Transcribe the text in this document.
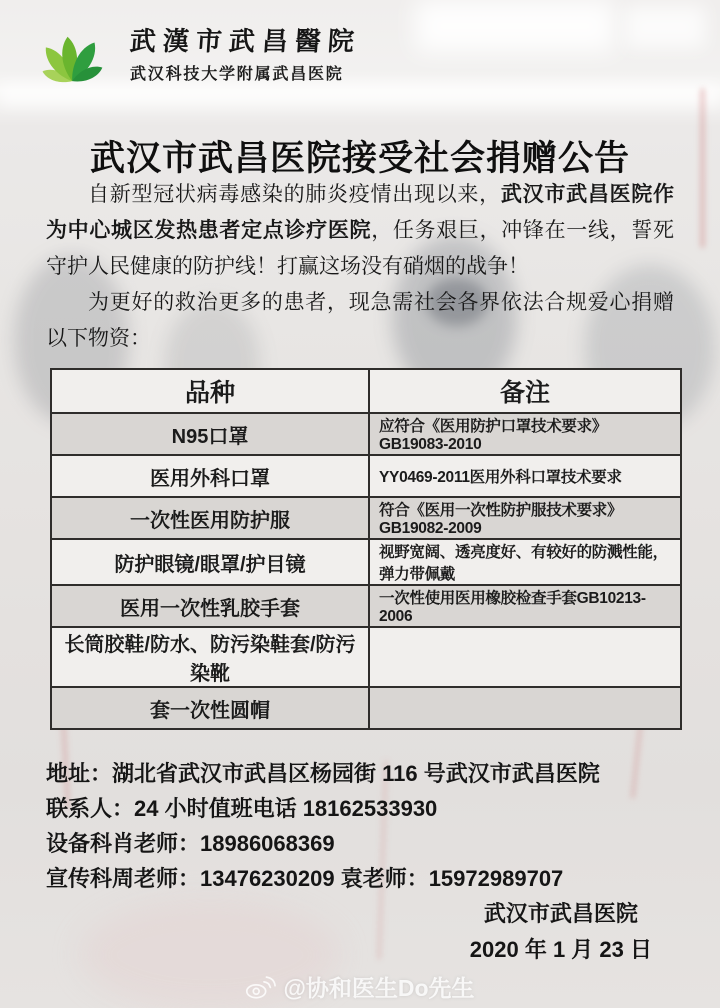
武漢市武昌醫院
武汉科技大学附属武昌医院
武汉市武昌医院接受社会捐赠公告

自新型冠状病毒感染的肺炎疫情出现以来，武汉市武昌医院作为中心城区发热患者定点诊疗医院，任务艰巨，冲锋在一线，誓死守护人民健康的防护线！打赢这场没有硝烟的战争！

为更好的救治更多的患者，现急需社会各界依法合规爱心捐赠以下物资：

品种	备注
N95口罩	应符合《医用防护口罩技术要求》GB19083-2010
医用外科口罩	YY0469-2011医用外科口罩技术要求
一次性医用防护服	符合《医用一次性防护服技术要求》GB19082-2009
防护眼镜/眼罩/护目镜	视野宽阔、透亮度好、有较好的防溅性能，弹力带佩戴
医用一次性乳胶手套	一次性使用医用橡胶检查手套GB10213-2006
长筒胶鞋/防水、防污染鞋套/防污染靴	
套一次性圆帽	
地址：湖北省武汉市武昌区杨园街 116 号武汉市武昌医院
联系人：24 小时值班电话 18162533930
设备科肖老师：18986068369
宣传科周老师：13476230209 袁老师：15972989707
武汉市武昌医院
2020 年 1 月 23 日
@协和医生Do先生
